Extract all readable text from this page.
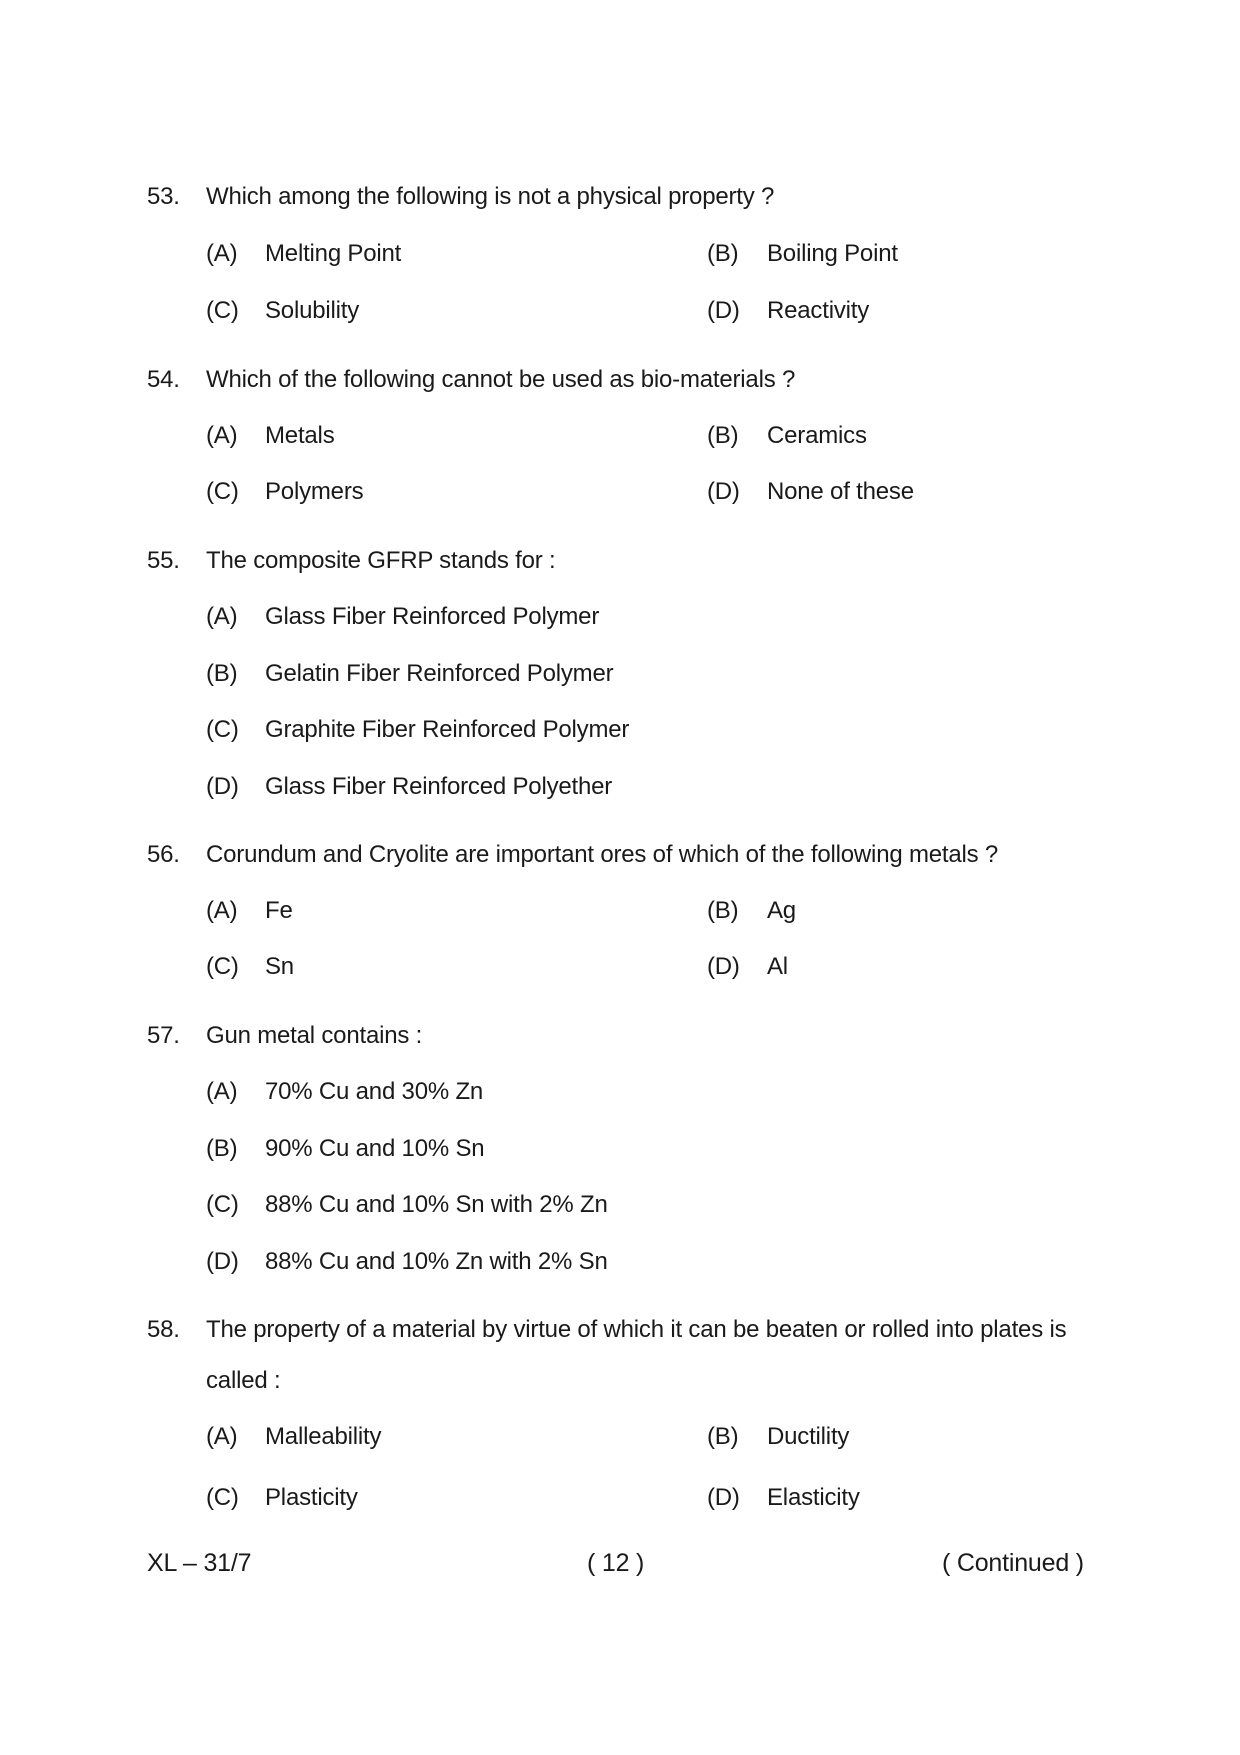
53. Which among the following is not a physical property ?
(A) Melting Point	(B) Boiling Point
(C) Solubility	(D) Reactivity
54. Which of the following cannot be used as bio-materials ?
(A) Metals	(B) Ceramics
(C) Polymers	(D) None of these
55. The composite GFRP stands for :
(A) Glass Fiber Reinforced Polymer
(B) Gelatin Fiber Reinforced Polymer
(C) Graphite Fiber Reinforced Polymer
(D) Glass Fiber Reinforced Polyether
56. Corundum and Cryolite are important ores of which of the following metals ?
(A) Fe	(B) Ag
(C) Sn	(D) Al
57. Gun metal contains :
(A) 70% Cu and 30% Zn
(B) 90% Cu and 10% Sn
(C) 88% Cu and 10% Sn with 2% Zn
(D) 88% Cu and 10% Zn with 2% Sn
58. The property of a material by virtue of which it can be beaten or rolled into plates is
called :
(A) Malleability	(B) Ductility
(C) Plasticity	(D) Elasticity
XL – 31/7	( 12 )	( Continued )
